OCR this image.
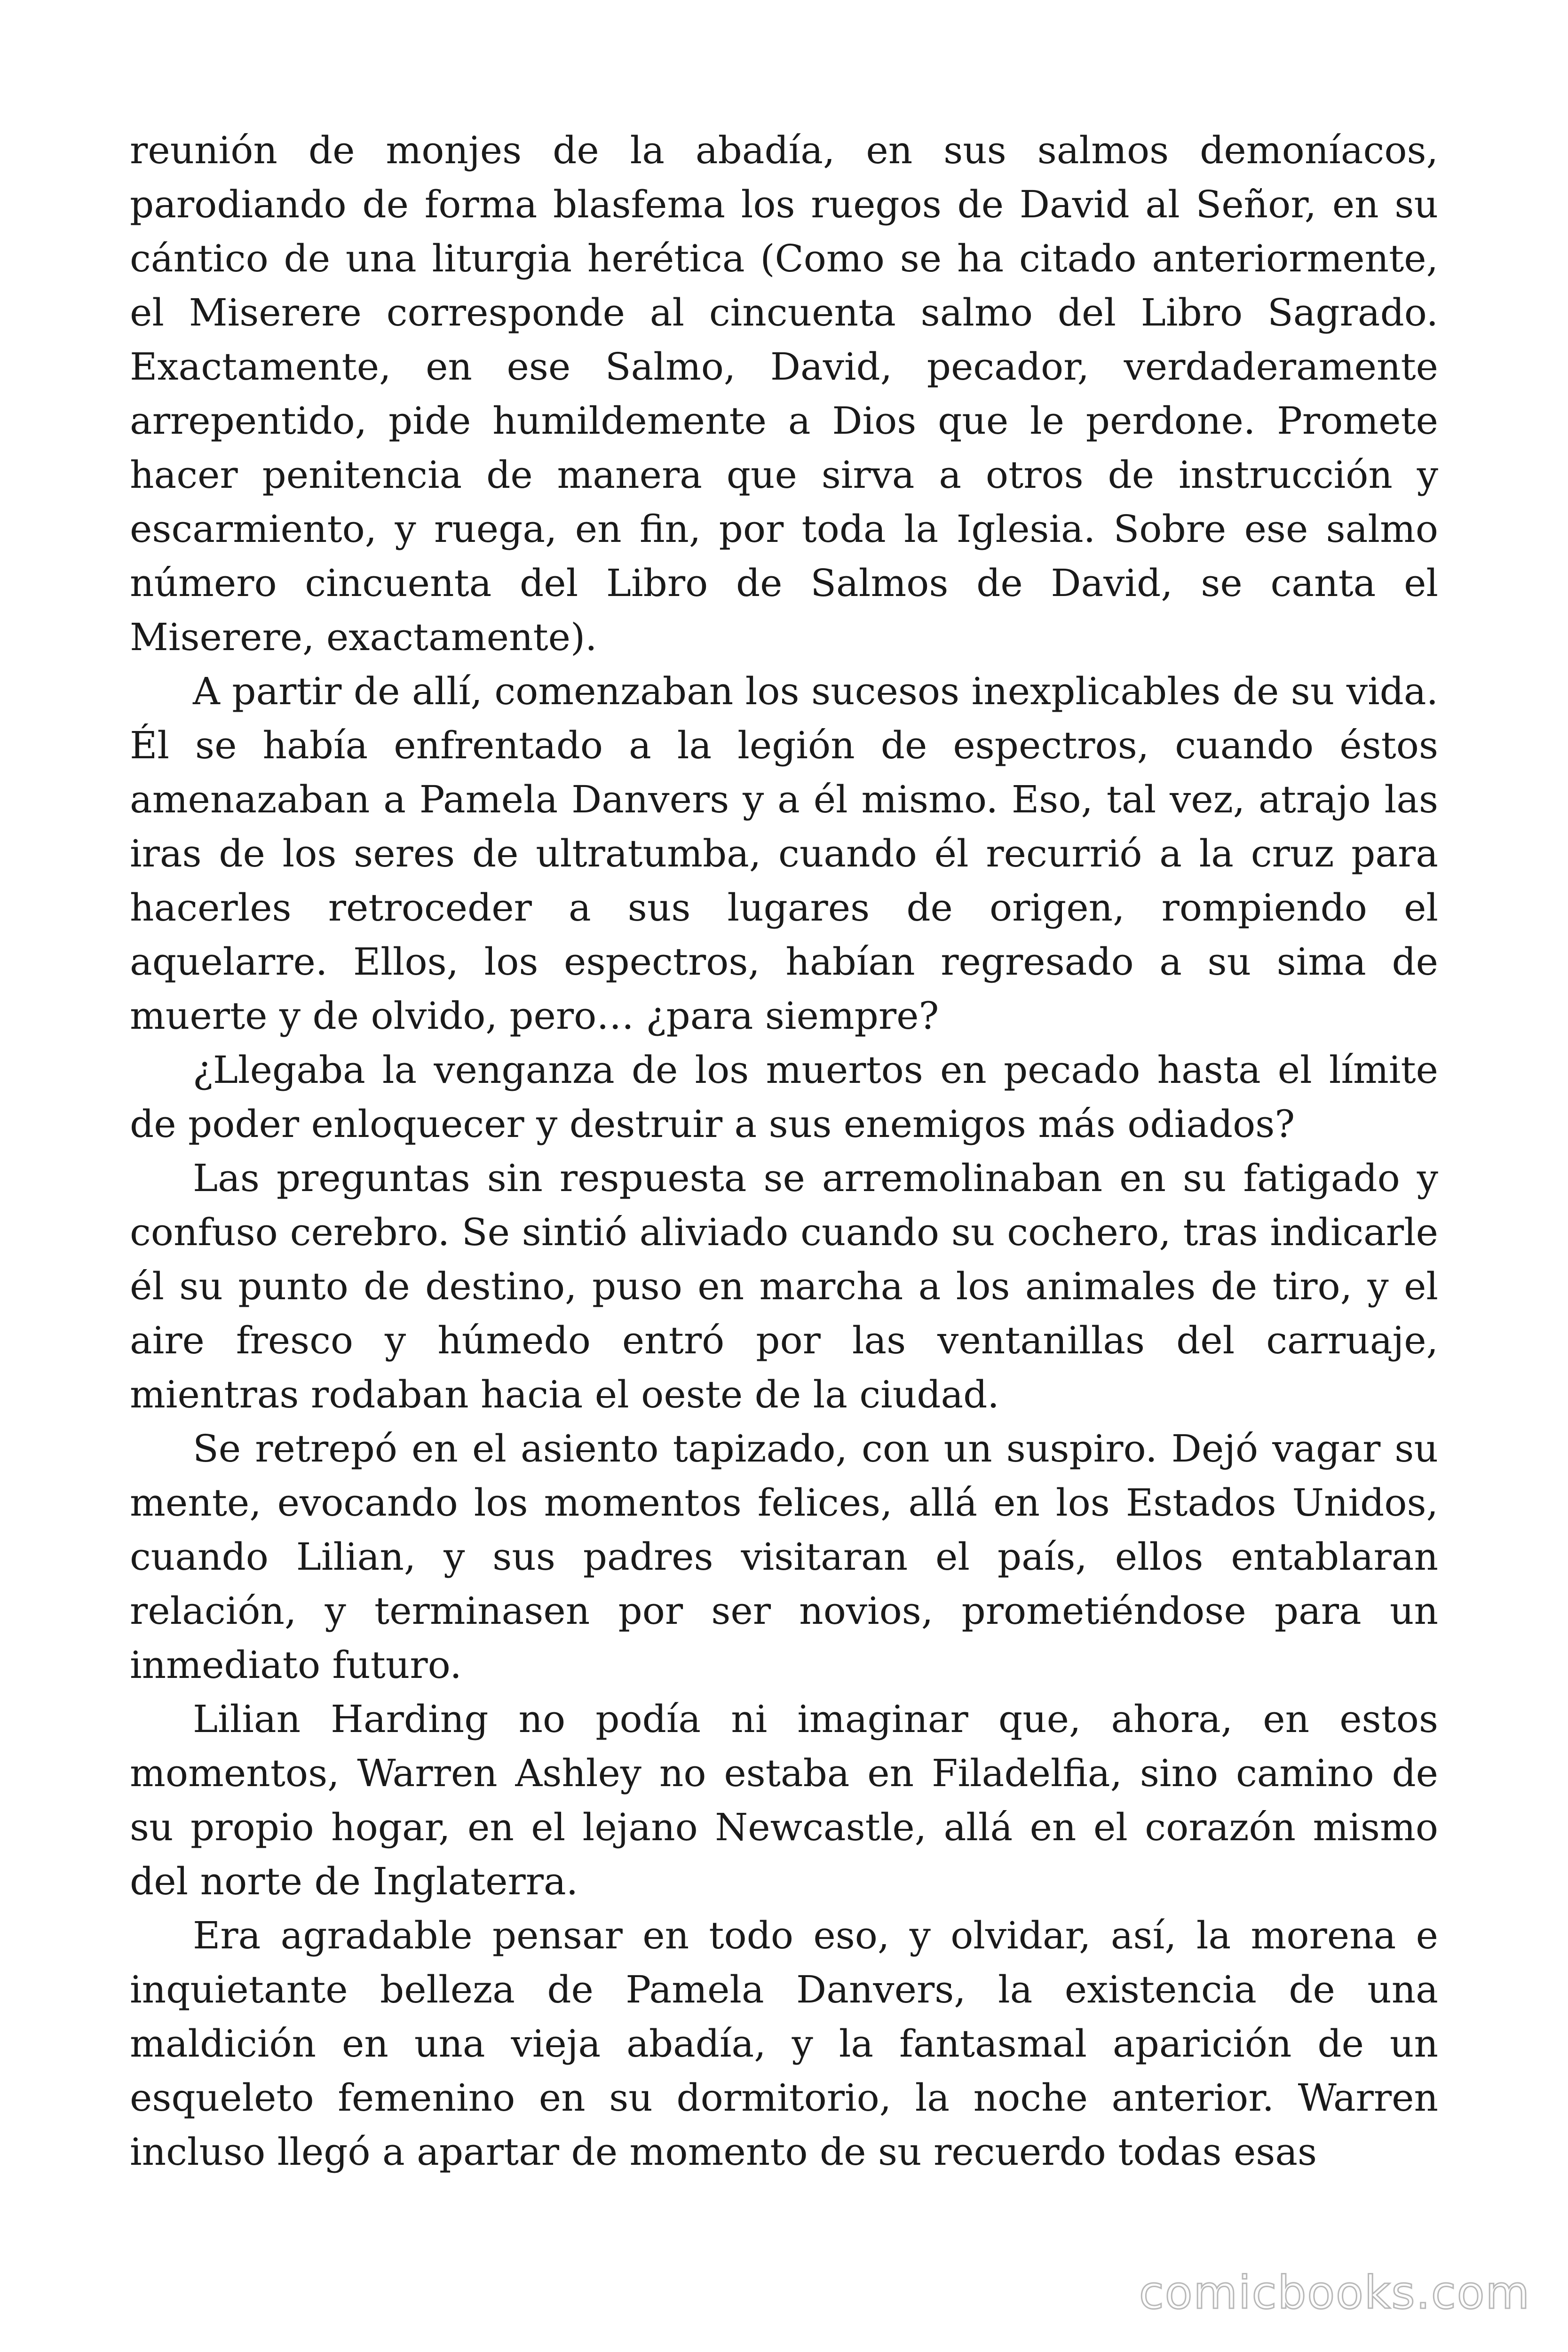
reunión de monjes de la abadía, en sus salmos demoníacos, parodiando de forma blasfema los ruegos de David al Señor, en su cántico de una liturgia herética (Como se ha citado anteriormente, el Miserere corresponde al cincuenta salmo del Libro Sagrado. Exactamente, en ese Salmo, David, pecador, verdaderamente arrepentido, pide humildemente a Dios que le perdone. Promete hacer penitencia de manera que sirva a otros de instrucción y escarmiento, y ruega, en fin, por toda la Iglesia. Sobre ese salmo número cincuenta del Libro de Salmos de David, se canta el Miserere, exactamente).

A partir de allí, comenzaban los sucesos inexplicables de su vida. Él se había enfrentado a la legión de espectros, cuando éstos amenazaban a Pamela Danvers y a él mismo. Eso, tal vez, atrajo las iras de los seres de ultratumba, cuando él recurrió a la cruz para hacerles retroceder a sus lugares de origen, rompiendo el aquelarre. Ellos, los espectros, habían regresado a su sima de muerte y de olvido, pero… ¿para siempre?

¿Llegaba la venganza de los muertos en pecado hasta el límite de poder enloquecer y destruir a sus enemigos más odiados?

Las preguntas sin respuesta se arremolinaban en su fatigado y confuso cerebro. Se sintió aliviado cuando su cochero, tras indicarle él su punto de destino, puso en marcha a los animales de tiro, y el aire fresco y húmedo entró por las ventanillas del carruaje, mientras rodaban hacia el oeste de la ciudad.

Se retrepó en el asiento tapizado, con un suspiro. Dejó vagar su mente, evocando los momentos felices, allá en los Estados Unidos, cuando Lilian, y sus padres visitaran el país, ellos entablaran relación, y terminasen por ser novios, prometiéndose para un inmediato futuro.

Lilian Harding no podía ni imaginar que, ahora, en estos momentos, Warren Ashley no estaba en Filadelfia, sino camino de su propio hogar, en el lejano Newcastle, allá en el corazón mismo del norte de Inglaterra.

Era agradable pensar en todo eso, y olvidar, así, la morena e inquietante belleza de Pamela Danvers, la existencia de una maldición en una vieja abadía, y la fantasmal aparición de un esqueleto femenino en su dormitorio, la noche anterior. Warren incluso llegó a apartar de momento de su recuerdo todas esas

comicbooks.com
